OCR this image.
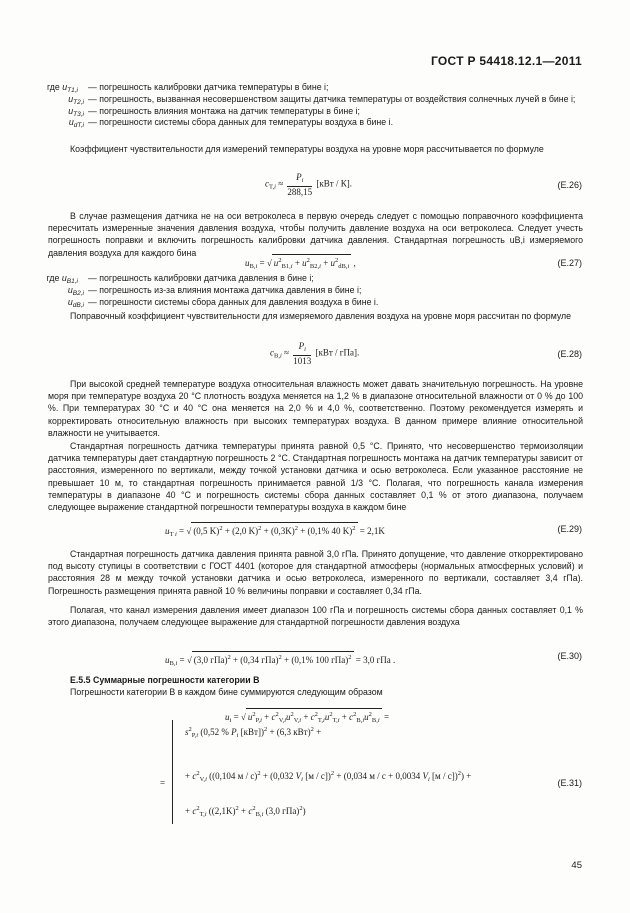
ГОСТ Р 54418.12.1—2011
где $u_{T1,i}$	— погрешность калибровки датчика температуры в бине i;
$u_{T2,i}$ — погрешность, вызванная несовершенством защиты датчика температуры от воздействия солнечных лучей в бине i;
$u_{T3,i}$ — погрешность влияния монтажа на датчик температуры в бине i;
$u_{dT,i}$ — погрешности системы сбора данных для температуры воздуха в бине i.

Коэффициент чувствительности для измерений температуры воздуха на уровне моря рассчитывается по формуле

$c_{T,i} \approx \frac{P_i}{288,15} [кВт / К]$.	(E.26)

В случае размещения датчика не на оси ветроколеса в первую очередь следует с помощью поправочного коэффициента пересчитать измеренные значения давления воздуха, чтобы получить давление воздуха на оси ветроколеса. Следует учесть погрешность поправки и включить погрешность калибровки датчика давления. Стандартная погрешность uB,i измеряемого давления воздуха для каждого бина

$u_{B,i}$ = √ $u^2_{B1,i} + u^2_{B2,i} + u^2_{dB,i}$ ,	(E.27)
где $u_{B1,i}$	— погрешность калибровки датчика давления в бине i;
$u_{B2,i}$ — погрешность из-за влияния монтажа датчика давления в бине i;
$u_{dB,i}$ — погрешности системы сбора данных для давления воздуха в бине i.

Поправочный коэффициент чувствительности для измеряемого давления воздуха на уровне моря рассчитан по формуле

$c_{B,i} \approx \frac{P_i}{1013} [кВт / гПа]$.	(E.28)

При высокой средней температуре воздуха относительная влажность может давать значительную погрешность. На уровне моря при температуре воздуха 20 °С плотность воздуха меняется на 1,2 % в диапазоне относительной влажности от 0 % до 100 %. При температурах 30 °С и 40 °С она меняется на 2,0 % и 4,0 %, соответственно. Поэтому рекомендуется измерять и корректировать относительную влажность при высоких температурах воздуха. В данном примере влияние относительной влажности не учитывается.

Стандартная погрешность датчика температуры принята равной 0,5 °С. Принято, что несовершенство термоизоляции датчика температуры дает стандартную погрешность 2 °С. Стандартная погрешность монтажа на датчик температуры зависит от расстояния, измеренного по вертикали, между точкой установки датчика и осью ветроколеса. Если указанное расстояние не превышает 10 м, то стандартная погрешность принимается равной 1/3 °С. Полагая, что погрешность канала измерения температуры в диапазоне 40 °С и погрешность системы сбора данных составляет 0,1 % от этого диапазона, получаем следующее выражение стандартной погрешности температуры воздуха в каждом бине

$u_{T i}$ = √ (0,5 K)$^2$ + (2,0 $K)^2 + (0,3K)^2 + (0,1\%$ 40 K)$^2$ = 2,1K	(E.29)

Стандартная погрешность датчика давления принята равной 3,0 гПа. Принято допущение, что давление откорректировано под высоту ступицы в соответствии с ГОСТ 4401 (которое для стандартной атмосферы (нормальных атмосферных условий) и расстояния 28 м между точкой установки датчика и осью ветроколеса, измеренного по вертикали, составляет 3,4 гПа). Погрешность размещения принята равной 10 % величины поправки и составляет 0,34 гПа.

Полагая, что канал измерения давления имеет диапазон 100 гПа и погрешность системы сбора данных составляет 0,1 % этого диапазона, получаем следующее выражение для стандартной погрешности давления воздуха

$u_{B,i}$ = √ (3,0 гПа)$^2$ + (0,34 гПа)$^2$ + (0,1% 100 гПа)$^2$ = 3,0 гПа .	(E.30)

Е.5.5 Суммарные погрешности категории В

Погрешности категории В в каждом бине суммируются следующим образом

$u_i$ = √ $u^2_{P,i} + c^2_{V,i}u^2_{V,i} + c^2_{T,i}u^2_{T,i} + c^2_{B,i}u^2_{B,i}$ =
=
$s^2_{P,i}$ (0,52 % $P_i$ [кВт])$^2$ + (6,3 кВт)$^2$ +
+ $c^2_{V,i}$ ((0,104 м / с)$^2$ + (0,032 $V_i$ [м / с])$^2$ + (0,034 м / с + 0,0034 $V_i$ [м / с])$^2$) +
+ $c^2_{T,i}$ ($(2,1K)^2 + c^2_{B,i}$ (3,0 гПа)$^2$)
(E.31)
45
